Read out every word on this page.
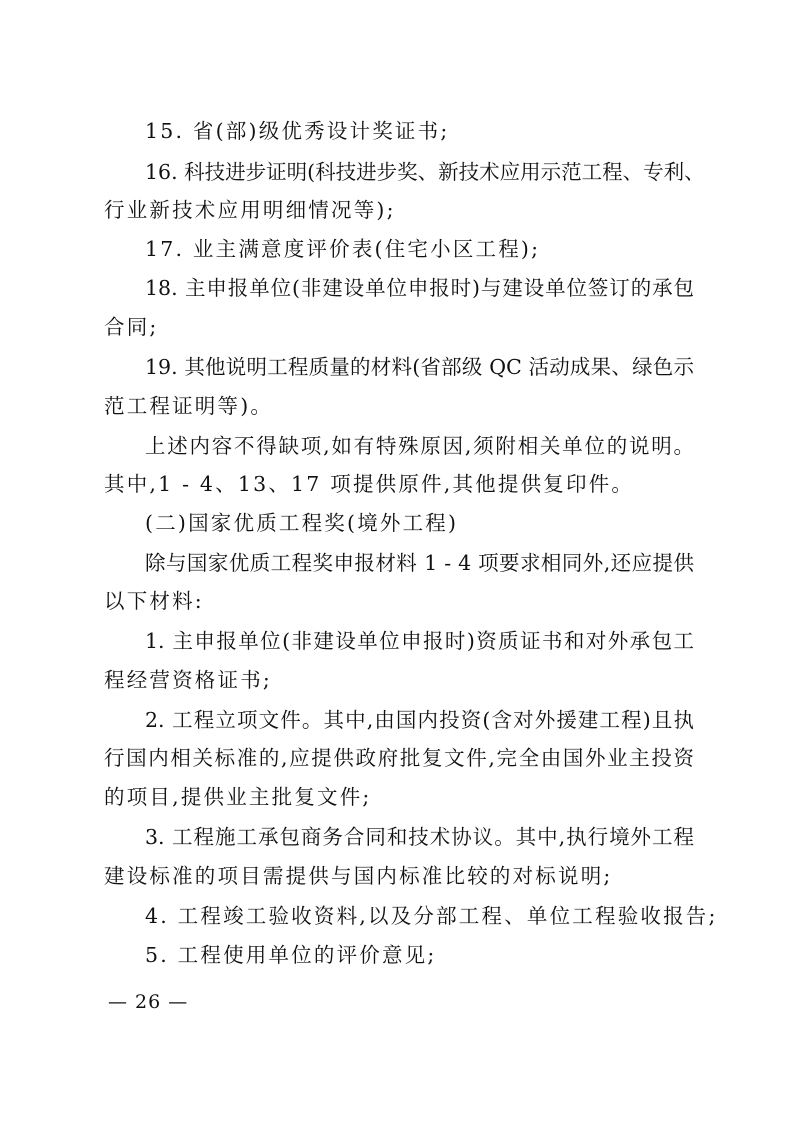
15. 省(部)级优秀设计奖证书;
16. 科技进步证明(科技进步奖、新技术应用示范工程、专利、
行业新技术应用明细情况等);
17. 业主满意度评价表(住宅小区工程);
18. 主申报单位(非建设单位申报时)与建设单位签订的承包
合同;
19. 其他说明工程质量的材料(省部级 QC 活动成果、绿色示
范工程证明等)。
上述内容不得缺项,如有特殊原因,须附相关单位的说明。
其中,1 - 4、13、17 项提供原件,其他提供复印件。
(二)国家优质工程奖(境外工程)
除与国家优质工程奖申报材料 1 - 4 项要求相同外,还应提供
以下材料:
1. 主申报单位(非建设单位申报时)资质证书和对外承包工
程经营资格证书;
2. 工程立项文件。其中,由国内投资(含对外援建工程)且执
行国内相关标准的,应提供政府批复文件,完全由国外业主投资
的项目,提供业主批复文件;
3. 工程施工承包商务合同和技术协议。其中,执行境外工程
建设标准的项目需提供与国内标准比较的对标说明;
4. 工程竣工验收资料,以及分部工程、单位工程验收报告;
5. 工程使用单位的评价意见;
— 26 —
